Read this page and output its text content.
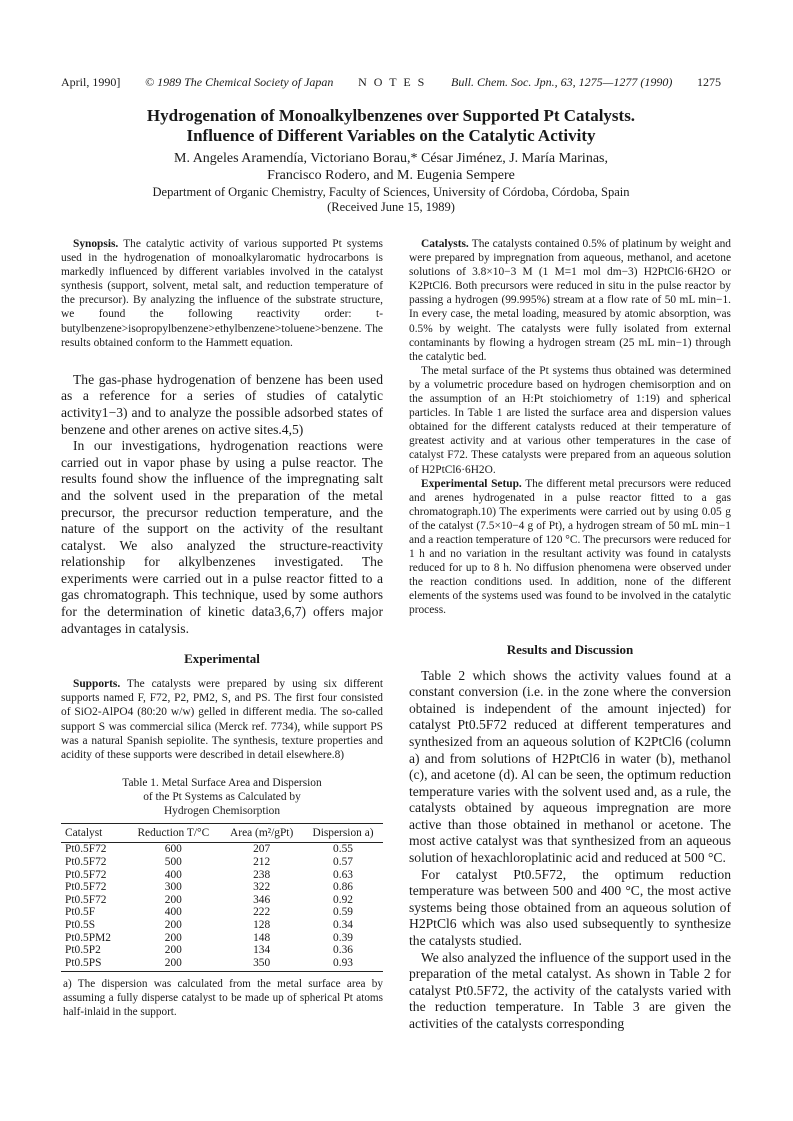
April, 1990] © 1989 The Chemical Society of Japan N O T E S Bull. Chem. Soc. Jpn., 63, 1275—1277 (1990) 1275
Hydrogenation of Monoalkylbenzenes over Supported Pt Catalysts.
Influence of Different Variables on the Catalytic Activity
M. Angeles Aramendía, Victoriano Borau,* César Jiménez, J. María Marinas,
Francisco Rodero, and M. Eugenia Sempere
Department of Organic Chemistry, Faculty of Sciences, University of Córdoba, Córdoba, Spain
(Received June 15, 1989)

Synopsis. The catalytic activity of various supported Pt systems used in the hydrogenation of monoalkylaromatic hydrocarbons is markedly influenced by different variables involved in the catalyst synthesis (support, solvent, metal salt, and reduction temperature of the precursor). By analyzing the influence of the substrate structure, we found the following reactivity order: t-butylbenzene>isopropylbenzene>ethylbenzene>toluene>benzene. The results obtained conform to the Hammett equation.

The gas-phase hydrogenation of benzene has been used as a reference for a series of studies of catalytic activity1−3) and to analyze the possible adsorbed states of benzene and other arenes on active sites.4,5)

In our investigations, hydrogenation reactions were carried out in vapor phase by using a pulse reactor. The results found show the influence of the impregnating salt and the solvent used in the preparation of the metal precursor, the precursor reduction temperature, and the nature of the support on the activity of the resultant catalyst. We also analyzed the structure-reactivity relationship for alkylbenzenes investigated. The experiments were carried out in a pulse reactor fitted to a gas chromatograph. This technique, used by some authors for the determination of kinetic data3,6,7) offers major advantages in catalysis.

Experimental

Supports. The catalysts were prepared by using six different supports named F, F72, P2, PM2, S, and PS. The first four consisted of SiO2-AlPO4 (80:20 w/w) gelled in different media. The so-called support S was commercial silica (Merck ref. 7734), while support PS was a natural Spanish sepiolite. The synthesis, texture properties and acidity of these supports were described in detail elsewhere.8)

Table 1. Metal Surface Area and Dispersion
of the Pt Systems as Calculated by
Hydrogen Chemisorption
Catalyst	Reduction T/°C	Area (m²/gPt)	Dispersion a)
Pt0.5F72	600	207	0.55
Pt0.5F72	500	212	0.57
Pt0.5F72	400	238	0.63
Pt0.5F72	300	322	0.86
Pt0.5F72	200	346	0.92
Pt0.5F	400	222	0.59
Pt0.5S	200	128	0.34
Pt0.5PM2	200	148	0.39
Pt0.5P2	200	134	0.36
Pt0.5PS	200	350	0.93
a) The dispersion was calculated from the metal surface area by assuming a fully disperse catalyst to be made up of spherical Pt atoms half-inlaid in the support.

Catalysts. The catalysts contained 0.5% of platinum by weight and were prepared by impregnation from aqueous, methanol, and acetone solutions of 3.8×10−3 M (1 M=1 mol dm−3) H2PtCl6·6H2O or K2PtCl6. Both precursors were reduced in situ in the pulse reactor by passing a hydrogen (99.995%) stream at a flow rate of 50 mL min−1. In every case, the metal loading, measured by atomic absorption, was 0.5% by weight. The catalysts were fully isolated from external contaminants by flowing a hydrogen stream (25 mL min−1) through the catalytic bed.

The metal surface of the Pt systems thus obtained was determined by a volumetric procedure based on hydrogen chemisorption and on the assumption of an H:Pt stoichiometry of 1:19) and spherical particles. In Table 1 are listed the surface area and dispersion values obtained for the different catalysts reduced at their temperature of greatest activity and at various other temperatures in the case of catalyst F72. These catalysts were prepared from an aqueous solution of H2PtCl6·6H2O.

Experimental Setup. The different metal precursors were reduced and arenes hydrogenated in a pulse reactor fitted to a gas chromatograph.10) The experiments were carried out by using 0.05 g of the catalyst (7.5×10−4 g of Pt), a hydrogen stream of 50 mL min−1 and a reaction temperature of 120 °C. The precursors were reduced for 1 h and no variation in the resultant activity was found in catalysts reduced for up to 8 h. No diffusion phenomena were observed under the reaction conditions used. In addition, none of the different elements of the systems used was found to be involved in the catalytic process.

Results and Discussion

Table 2 which shows the activity values found at a constant conversion (i.e. in the zone where the conversion obtained is independent of the amount injected) for catalyst Pt0.5F72 reduced at different temperatures and synthesized from an aqueous solution of K2PtCl6 (column a) and from solutions of H2PtCl6 in water (b), methanol (c), and acetone (d). Al can be seen, the optimum reduction temperature varies with the solvent used and, as a rule, the catalysts obtained by aqueous impregnation are more active than those obtained in methanol or acetone. The most active catalyst was that synthesized from an aqueous solution of hexachloroplatinic acid and reduced at 500 °C.

For catalyst Pt0.5F72, the optimum reduction temperature was between 500 and 400 °C, the most active systems being those obtained from an aqueous solution of H2PtCl6 which was also used subsequently to synthesize the catalysts studied.

We also analyzed the influence of the support used in the preparation of the metal catalyst. As shown in Table 2 for catalyst Pt0.5F72, the activity of the catalysts varied with the reduction temperature. In Table 3 are given the activities of the catalysts corresponding
